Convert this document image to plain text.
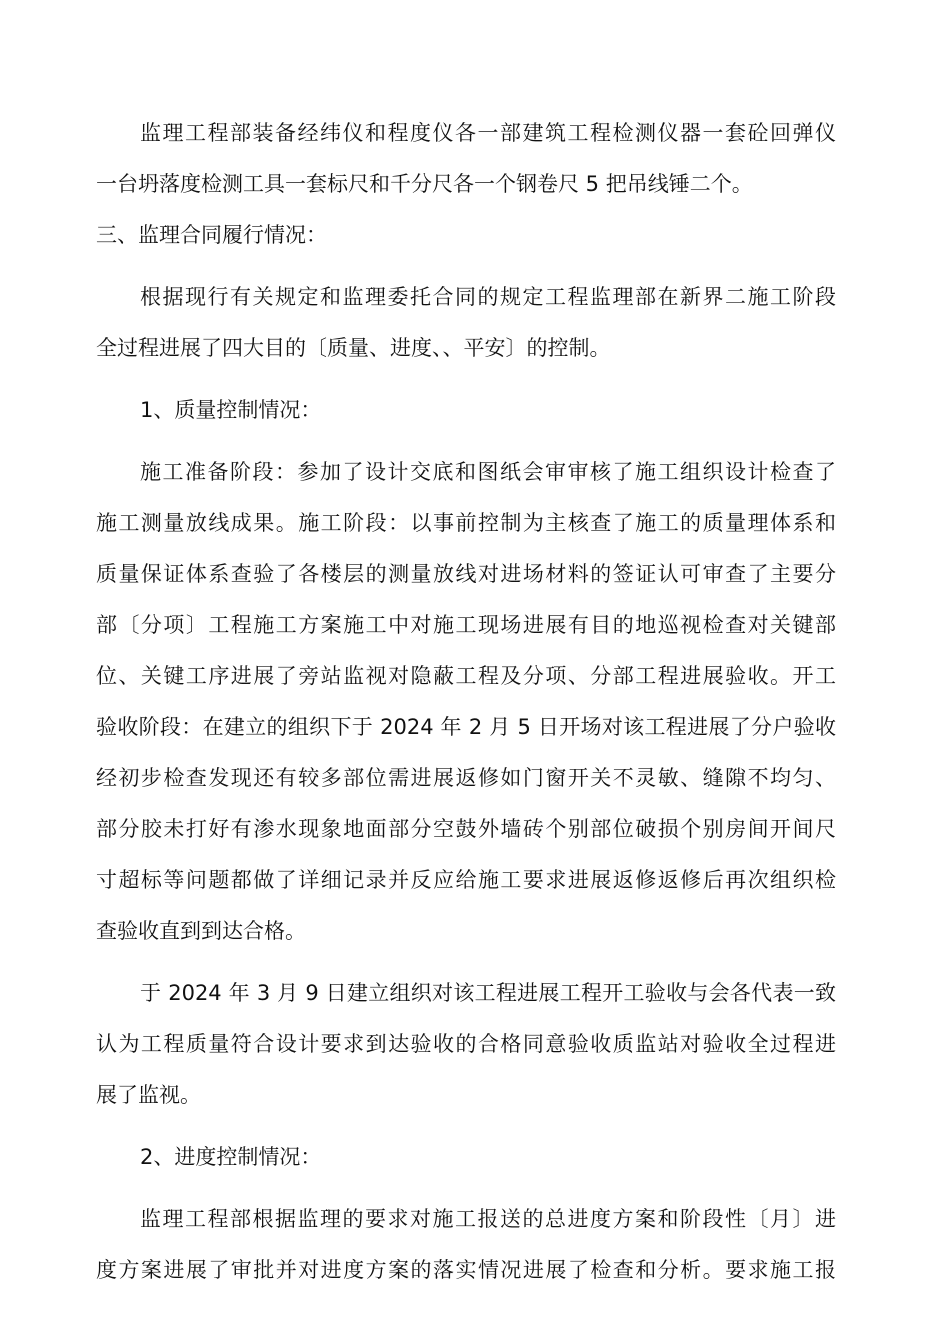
监理工程部装备经纬仪和程度仪各一部建筑工程检测仪器一套砼回弹仪
一台坍落度检测工具一套标尺和千分尺各一个钢卷尺 5 把吊线锤二个。
三、监理合同履行情况：
根据现行有关规定和监理委托合同的规定工程监理部在新界二施工阶段
全过程进展了四大目的〔质量、进度、、平安〕的控制。
1、质量控制情况：
施工准备阶段：参加了设计交底和图纸会审审核了施工组织设计检查了
施工测量放线成果。施工阶段：以事前控制为主核查了施工的质量理体系和
质量保证体系查验了各楼层的测量放线对进场材料的签证认可审查了主要分
部〔分项〕工程施工方案施工中对施工现场进展有目的地巡视检查对关键部
位、关键工序进展了旁站监视对隐蔽工程及分项、分部工程进展验收。开工
验收阶段：在建立的组织下于 2024 年 2 月 5 日开场对该工程进展了分户验收
经初步检查发现还有较多部位需进展返修如门窗开关不灵敏、缝隙不均匀、
部分胶未打好有渗水现象地面部分空鼓外墙砖个别部位破损个别房间开间尺
寸超标等问题都做了详细记录并反应给施工要求进展返修返修后再次组织检
查验收直到到达合格。
于 2024 年 3 月 9 日建立组织对该工程进展工程开工验收与会各代表一致
认为工程质量符合设计要求到达验收的合格同意验收质监站对验收全过程进
展了监视。
2、进度控制情况：
监理工程部根据监理的要求对施工报送的总进度方案和阶段性〔月〕进
度方案进展了审批并对进度方案的落实情况进展了检查和分析。要求施工报
